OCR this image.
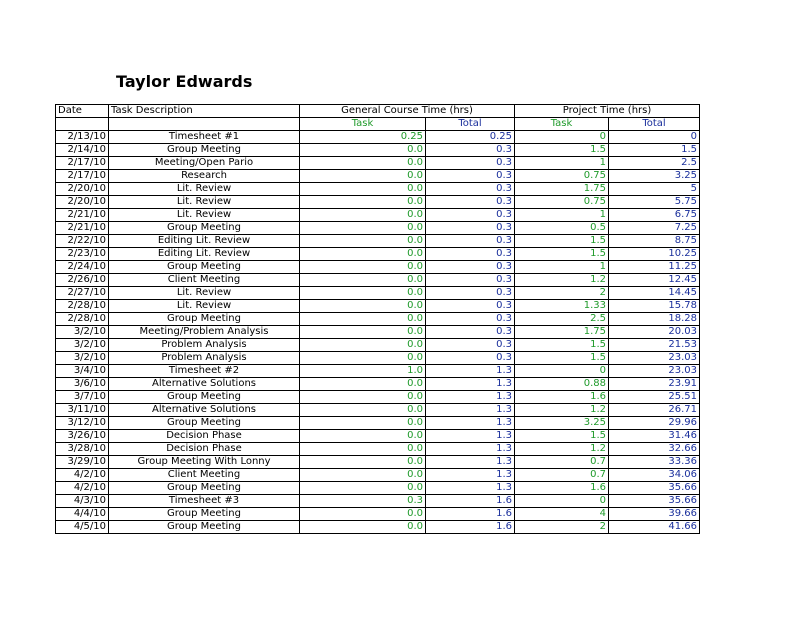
Taylor Edwards
Date	Task Description	General Course Time (hrs)		Project Time (hrs)	
		Task	Total	Task	Total
2/13/10	Timesheet #1	0.25	0.25	0	0
2/14/10	Group Meeting	0.0	0.3	1.5	1.5
2/17/10	Meeting/Open Pario	0.0	0.3	1	2.5
2/17/10	Research	0.0	0.3	0.75	3.25
2/20/10	Lit. Review	0.0	0.3	1.75	5
2/20/10	Lit. Review	0.0	0.3	0.75	5.75
2/21/10	Lit. Review	0.0	0.3	1	6.75
2/21/10	Group Meeting	0.0	0.3	0.5	7.25
2/22/10	Editing Lit. Review	0.0	0.3	1.5	8.75
2/23/10	Editing Lit. Review	0.0	0.3	1.5	10.25
2/24/10	Group Meeting	0.0	0.3	1	11.25
2/26/10	Client Meeting	0.0	0.3	1.2	12.45
2/27/10	Lit. Review	0.0	0.3	2	14.45
2/28/10	Lit. Review	0.0	0.3	1.33	15.78
2/28/10	Group Meeting	0.0	0.3	2.5	18.28
3/2/10	Meeting/Problem Analysis	0.0	0.3	1.75	20.03
3/2/10	Problem Analysis	0.0	0.3	1.5	21.53
3/2/10	Problem Analysis	0.0	0.3	1.5	23.03
3/4/10	Timesheet #2	1.0	1.3	0	23.03
3/6/10	Alternative Solutions	0.0	1.3	0.88	23.91
3/7/10	Group Meeting	0.0	1.3	1.6	25.51
3/11/10	Alternative Solutions	0.0	1.3	1.2	26.71
3/12/10	Group Meeting	0.0	1.3	3.25	29.96
3/26/10	Decision Phase	0.0	1.3	1.5	31.46
3/28/10	Decision Phase	0.0	1.3	1.2	32.66
3/29/10	Group Meeting With Lonny	0.0	1.3	0.7	33.36
4/2/10	Client Meeting	0.0	1.3	0.7	34.06
4/2/10	Group Meeting	0.0	1.3	1.6	35.66
4/3/10	Timesheet #3	0.3	1.6	0	35.66
4/4/10	Group Meeting	0.0	1.6	4	39.66
4/5/10	Group Meeting	0.0	1.6	2	41.66
